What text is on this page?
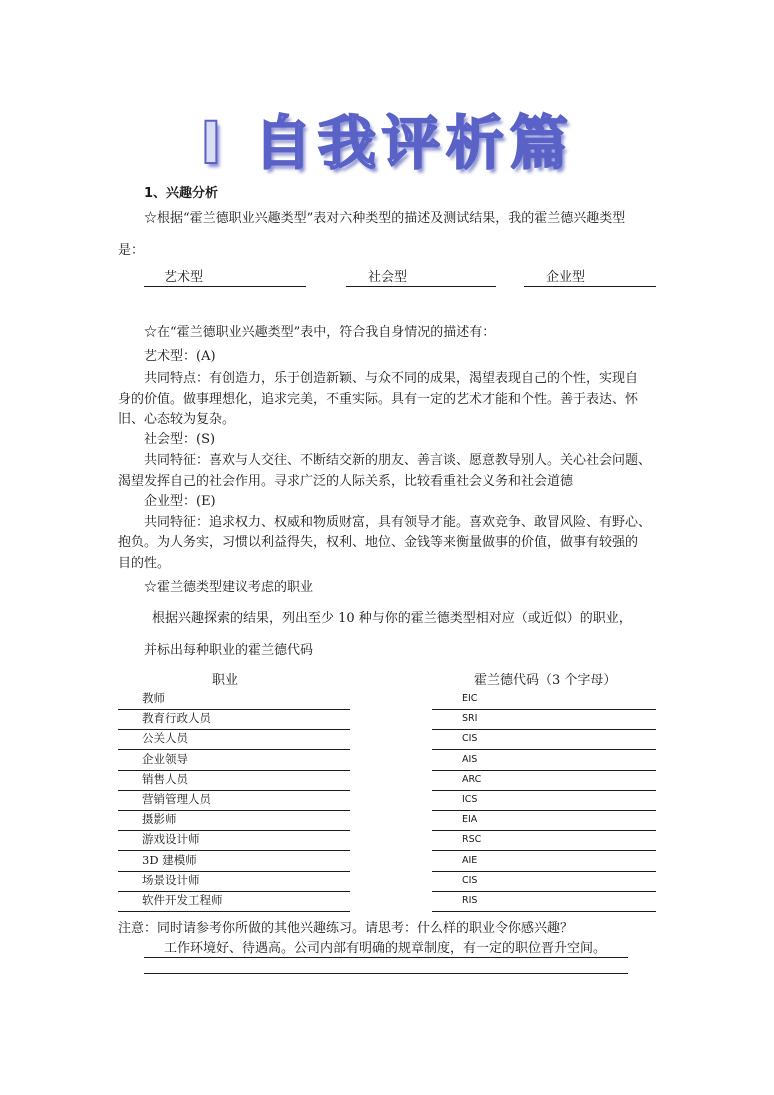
I 自我评析篇
1、兴趣分析
☆根据“霍兰德职业兴趣类型”表对六种类型的描述及测试结果，我的霍兰德兴趣类型
是：
艺术型	社会型	企业型
☆在“霍兰德职业兴趣类型”表中，符合我自身情况的描述有：
艺术型：(A)
共同特点：有创造力，乐于创造新颖、与众不同的成果，渴望表现自己的个性，实现自
身的价值。做事理想化，追求完美，不重实际。具有一定的艺术才能和个性。善于表达、怀
旧、心态较为复杂。
社会型：(S)
共同特征：喜欢与人交往、不断结交新的朋友、善言谈、愿意教导别人。关心社会问题、
渴望发挥自己的社会作用。寻求广泛的人际关系，比较看重社会义务和社会道德
企业型：(E)
共同特征：追求权力、权威和物质财富，具有领导才能。喜欢竞争、敢冒风险、有野心、
抱负。为人务实，习惯以利益得失，权利、地位、金钱等来衡量做事的价值，做事有较强的
目的性。
☆霍兰德类型建议考虑的职业
根据兴趣探索的结果，列出至少 10 种与你的霍兰德类型相对应（或近似）的职业，
并标出每种职业的霍兰德代码
职业	霍兰德代码（3 个字母）
教师	EIC
教育行政人员	SRI
公关人员	CIS
企业领导	AIS
销售人员	ARC
营销管理人员	ICS
摄影师	EIA
游戏设计师	RSC
3D 建模师	AIE
场景设计师	CIS
软件开发工程师	RIS
注意：同时请参考你所做的其他兴趣练习。请思考：什么样的职业令你感兴趣？
工作环境好、待遇高。公司内部有明确的规章制度，有一定的职位晋升空间。
